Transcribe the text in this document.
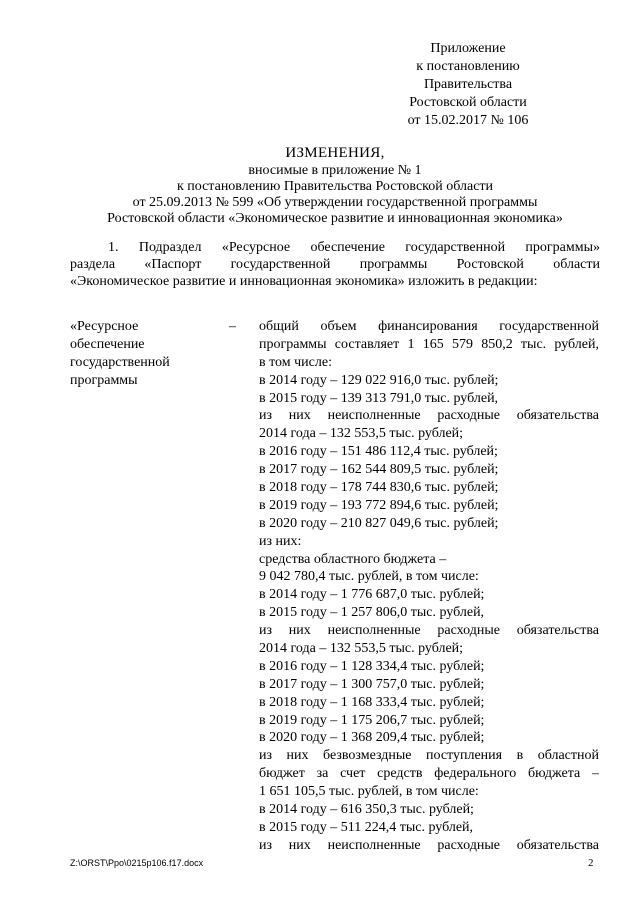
Приложение
к постановлению
Правительства
Ростовской области
от 15.02.2017 № 106
ИЗМЕНЕНИЯ,
вносимые в приложение № 1
к постановлению Правительства Ростовской области
от 25.09.2013 № 599 «Об утверждении государственной программы
Ростовской области «Экономическое развитие и инновационная экономика»
1. Подраздел «Ресурсное обеспечение государственной программы»
раздела «Паспорт государственной программы Ростовской области
«Экономическое развитие и инновационная экономика» изложить в редакции:
«Ресурсное
обеспечение
государственной
программы
– общий объем финансирования государственной
программы составляет 1 165 579 850,2 тыс. рублей,
в том числе:
в 2014 году – 129 022 916,0 тыс. рублей;
в 2015 году – 139 313 791,0 тыс. рублей,
из них неисполненные расходные обязательства
2014 года – 132 553,5 тыс. рублей;
в 2016 году – 151 486 112,4 тыс. рублей;
в 2017 году – 162 544 809,5 тыс. рублей;
в 2018 году – 178 744 830,6 тыс. рублей;
в 2019 году – 193 772 894,6 тыс. рублей;
в 2020 году – 210 827 049,6 тыс. рублей;
из них:
средства областного бюджета –
9 042 780,4 тыс. рублей, в том числе:
в 2014 году – 1 776 687,0 тыс. рублей;
в 2015 году – 1 257 806,0 тыс. рублей,
из них неисполненные расходные обязательства
2014 года – 132 553,5 тыс. рублей;
в 2016 году – 1 128 334,4 тыс. рублей;
в 2017 году – 1 300 757,0 тыс. рублей;
в 2018 году – 1 168 333,4 тыс. рублей;
в 2019 году – 1 175 206,7 тыс. рублей;
в 2020 году – 1 368 209,4 тыс. рублей;
из них безвозмездные поступления в областной
бюджет за счет средств федерального бюджета –
1 651 105,5 тыс. рублей, в том числе:
в 2014 году – 616 350,3 тыс. рублей;
в 2015 году – 511 224,4 тыс. рублей,
из них неисполненные расходные обязательства
Z:\ORST\Ppo\0215p106.f17.docx	2
